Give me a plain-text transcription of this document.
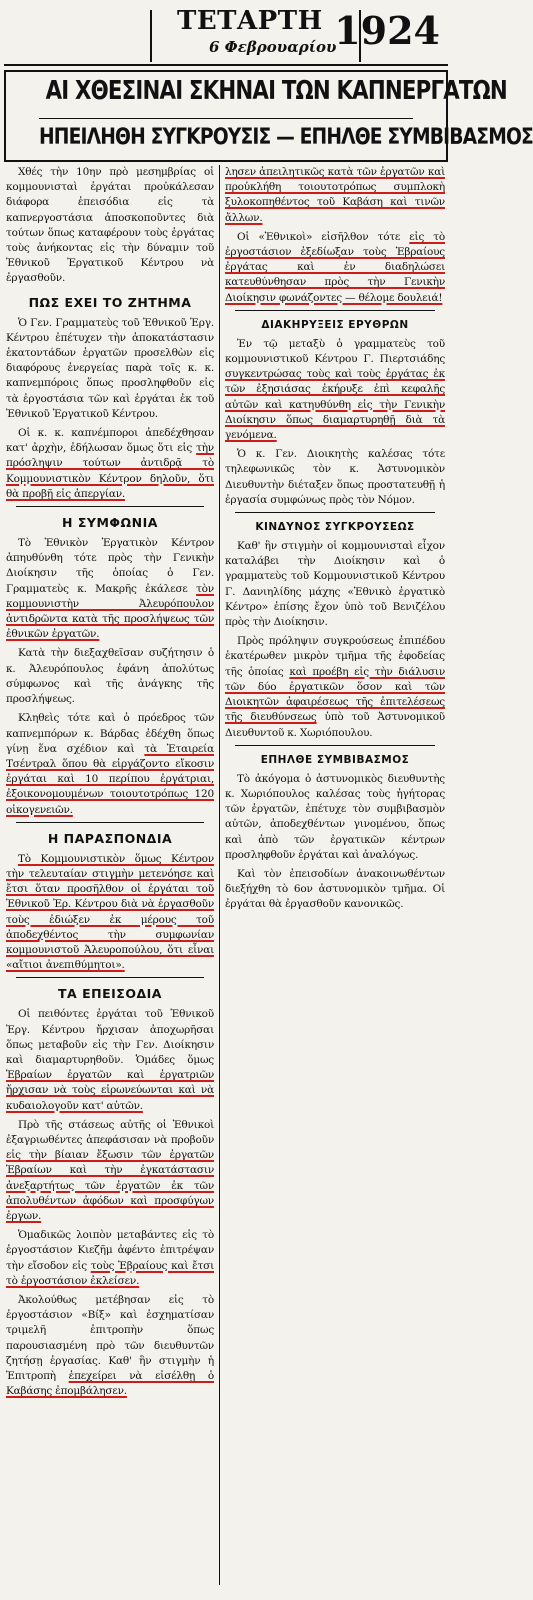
ΤΕΤΑΡΤΗ
6 Φεβρουαρίου
1924
ΑΙ ΧΘΕΣΙΝΑΙ ΣΚΗΝΑΙ ΤΩΝ ΚΑΠΝΕΡΓΑΤΩΝ
ΗΠΕΙΛΗΘΗ ΣΥΓΚΡΟΥΣΙΣ — ΕΠΗΛΘΕ ΣΥΜΒΙΒΑΣΜΟΣ

Χθές τὴν 10ην πρὸ μεσημβρίας οἱ κομμουνισταὶ ἐργάται προὐκάλεσαν διάφορα ἐπεισόδια εἰς τὰ καπνεργοστάσια ἀποσκοποῦντες διὰ τούτων ὅπως καταφέρουν τοὺς ἐργάτας τοὺς ἀνήκοντας εἰς τὴν δύναμιν τοῦ Ἐθνικοῦ Ἐργατικοῦ Κέντρου νὰ ἐργασθοῦν.

ΠΩΣ ΕΧΕΙ ΤΟ ΖΗΤΗΜΑ

Ὁ Γεν. Γραμματεὺς τοῦ Ἐθνικοῦ Ἐργ. Κέντρου ἐπέτυχεν τὴν ἀποκατάστασιν ἑκατοντάδων ἐργατῶν προσελθὼν εἰς διαφόρους ἐνεργείας παρὰ τοῖς κ. κ. καπνεμπόροις ὅπως προσληφθοῦν εἰς τὰ ἐργοστάσια τῶν καὶ ἐργάται ἐκ τοῦ Ἐθνικοῦ Ἐργατικοῦ Κέντρου.

Οἱ κ. κ. καπνέμποροι ἀπεδέχθησαν κατ' ἀρχὴν, ἐδήλωσαν ὅμως ὅτι εἰς τὴν πρόσληψιν τούτων ἀντιδρᾷ τὸ Κομμουνιστικὸν Κέντρον δηλοῦν, ὅτι θὰ προβῇ εἰς ἀπεργίαν.

Η ΣΥΜΦΩΝΙΑ

Τὸ Ἐθνικὸν Ἐργατικὸν Κέντρον ἀπηυθύνθη τότε πρὸς τὴν Γενικὴν Διοίκησιν τῆς ὁποίας ὁ Γεν. Γραμματεὺς κ. Μακρῆς ἐκάλεσε τὸν κομμουνιστὴν Ἀλευρόπουλον ἀντιδρῶντα κατὰ τῆς προσλήψεως τῶν ἐθνικῶν ἐργατῶν.

Κατὰ τὴν διεξαχθεῖσαν συζήτησιν ὁ κ. Ἀλευρόπουλος ἐφάνη ἀπολύτως σύμφωνος καὶ τῆς ἀνάγκης τῆς προσλήψεως.

Κληθεὶς τότε καὶ ὁ πρόεδρος τῶν καπνεμπόρων κ. Βάρδας ἐδέχθη ὅπως γίνῃ ἕνα σχέδιον καὶ τὰ Ἐταιρεία Τσέντραλ ὅπου θὰ εἰργάζοντο εἴκοσιν ἐργάται καὶ 10 περίπου ἐργάτριαι, ἐξοικονομουμένων τοιουτοτρόπως 120 οἰκογενειῶν.

Η ΠΑΡΑΣΠΟΝΔΙΑ

Τὸ Κομμουνιστικὸν ὅμως Κέντρον τὴν τελευταίαν στιγμὴν μετενόησε καὶ ἔτσι ὅταν προσῆλθον οἱ ἐργάται τοῦ Ἐθνικοῦ Ἐρ. Κέντρου διὰ νὰ ἐργασθοῦν τοὺς ἐδιώξεν ἐκ μέρους τοῦ ἀποδεχθέντος τὴν συμφωνίαν κομμουνιστοῦ Ἀλευροπούλου, ὅτι εἶναι «αἴτιοι ἀνεπιθύμητοι».

ΤΑ ΕΠΕΙΣΟΔΙΑ

Οἱ πειθόντες ἐργάται τοῦ Ἐθνικοῦ Ἐργ. Κέντρου ἤρχισαν ἀποχωρῆσαι ὅπως μεταβοῦν εἰς τὴν Γεν. Διοίκησιν καὶ διαμαρτυρηθοῦν. Ὁμάδες ὅμως Ἑβραίων ἐργατῶν καὶ ἐργατριῶν ἤρχισαν νὰ τοὺς εἰρωνεύωνται καὶ νὰ κυδαιολογοῦν κατ' αὐτῶν.

Πρὸ τῆς στάσεως αὐτῆς οἱ Ἐθνικοὶ ἐξαγριωθέντες ἀπεφάσισαν νὰ προβοῦν εἰς τὴν βίαιαν ἔξωσιν τῶν ἐργατῶν Ἑβραίων καὶ τὴν ἐγκατάστασιν ἀνεξαρτήτως τῶν ἐργατῶν ἐκ τῶν ἀπολυθέντων ἀφόδων καὶ προσφύγων ἐργων.

Ὁμαδικῶς λοιπὸν μεταβάντες εἰς τὸ ἐργοστάσιον Κιεζῆμ ἀφέντο ἐπιτρέψαν τὴν εἴσοδον εἰς τοὺς Ἑβραίους καὶ ἔτσι τὸ ἐργοστάσιον ἐκλείσεν.

Ἀκολούθως μετέβησαν εἰς τὸ ἐργοστάσιον «Βίξ» καὶ ἐσχηματίσαν τριμελῆ ἐπιτροπὴν ὅπως παρουσιασμένη πρὸ τῶν διευθυντῶν ζητήσῃ ἐργασίας. Καθ' ἣν στιγμὴν ἡ Ἐπιτροπὴ ἐπεχείρει νὰ εἰσέλθῃ ὁ Καβάσης ἐπομβάλησεν.

λησεν ἀπειλητικῶς κατὰ τῶν ἐργατῶν καὶ προὐκλήθη τοιουτοτρόπως συμπλοκὴ ξυλοκοπηθέντος τοῦ Καβάση καὶ τινῶν ἄλλων.

Οἱ «Ἐθνικοὶ» εἰσῆλθον τότε εἰς τὸ ἐργοστάσιον ἐξεδίωξαν τοὺς Ἑβραίους ἐργάτας καὶ ἐν διαδηλώσει κατευθύνθησαν πρὸς τὴν Γενικὴν Διοίκησιν φωνάζοντες — θέλομε δουλειά!

ΔΙΑΚΗΡΥΞΕΙΣ ΕΡΥΘΡΩΝ

Ἐν τῷ μεταξὺ ὁ γραμματεὺς τοῦ κομμουνιστικοῦ Κέντρου Γ. Πιερτσιάδης συγκεντρώσας τοὺς καὶ τοὺς ἐργάτας ἐκ τῶν ἐξησιάσας ἐκήρυξε ἐπὶ κεφαλῆς αὐτῶν καὶ κατηυθύνθη εἰς τὴν Γενικὴν Διοίκησιν ὅπως διαμαρτυρηθῇ διὰ τὰ γενόμενα.

Ὁ κ. Γεν. Διοικητὴς καλέσας τότε τηλεφωνικῶς τὸν κ. Ἀστυνομικὸν Διευθυντὴν διέταξεν ὅπως προστατευθῇ ἡ ἐργασία συμφώνως πρὸς τὸν Νόμον.

ΚΙΝΔΥΝΟΣ ΣΥΓΚΡΟΥΣΕΩΣ

Καθ' ἣν στιγμὴν οἱ κομμουνισταὶ εἶχον καταλάβει τὴν Διοίκησιν καὶ ὁ γραμματεὺς τοῦ Κομμουνιστικοῦ Κέντρου Γ. Δανιηλίδης μάχης «Ἐθνικὸ ἐργατικὸ Κέντρο» ἐπίσης ἔχον ὑπὸ τοῦ Βενιζέλου πρὸς τὴν Διοίκησιν.

Πρὸς πρόληψιν συγκρούσεως ἐπιπέδου ἑκατέρωθεν μικρὸν τμῆμα τῆς ἐφοδείας τῆς ὁποίας καὶ προέβη εἰς τὴν διάλυσιν τῶν δύο ἐργατικῶν ὅσον καὶ τῶν Διοικητῶν ἀφαιρέσεως τῆς ἐπιτελέσεως τῆς διευθύνσεως ὑπὸ τοῦ Ἀστυνομικοῦ Διευθυντοῦ κ. Χωριόπουλου.

ΕΠΗΛΘΕ ΣΥΜΒΙΒΑΣΜΟΣ

Τὸ ἀκόγομα ὁ ἁστυνομικὸς διευθυντὴς κ. Χωριόπουλος καλέσας τοὺς ἡγήτορας τῶν ἐργατῶν, ἐπέτυχε τὸν συμβιβασμὸν αὐτῶν, ἀποδεχθέντων γινομένου, ὅπως καὶ ἀπὸ τῶν ἐργατικῶν κέντρων προσληφθοῦν ἐργάται καὶ ἀναλόγως.

Καὶ τὸν ἐπεισοδίων ἀνακοινωθέντων διεξήχθη τὸ 6ον ἀστυνομικὸν τμῆμα. Οἱ ἐργάται θὰ ἐργασθοῦν κανονικῶς.
